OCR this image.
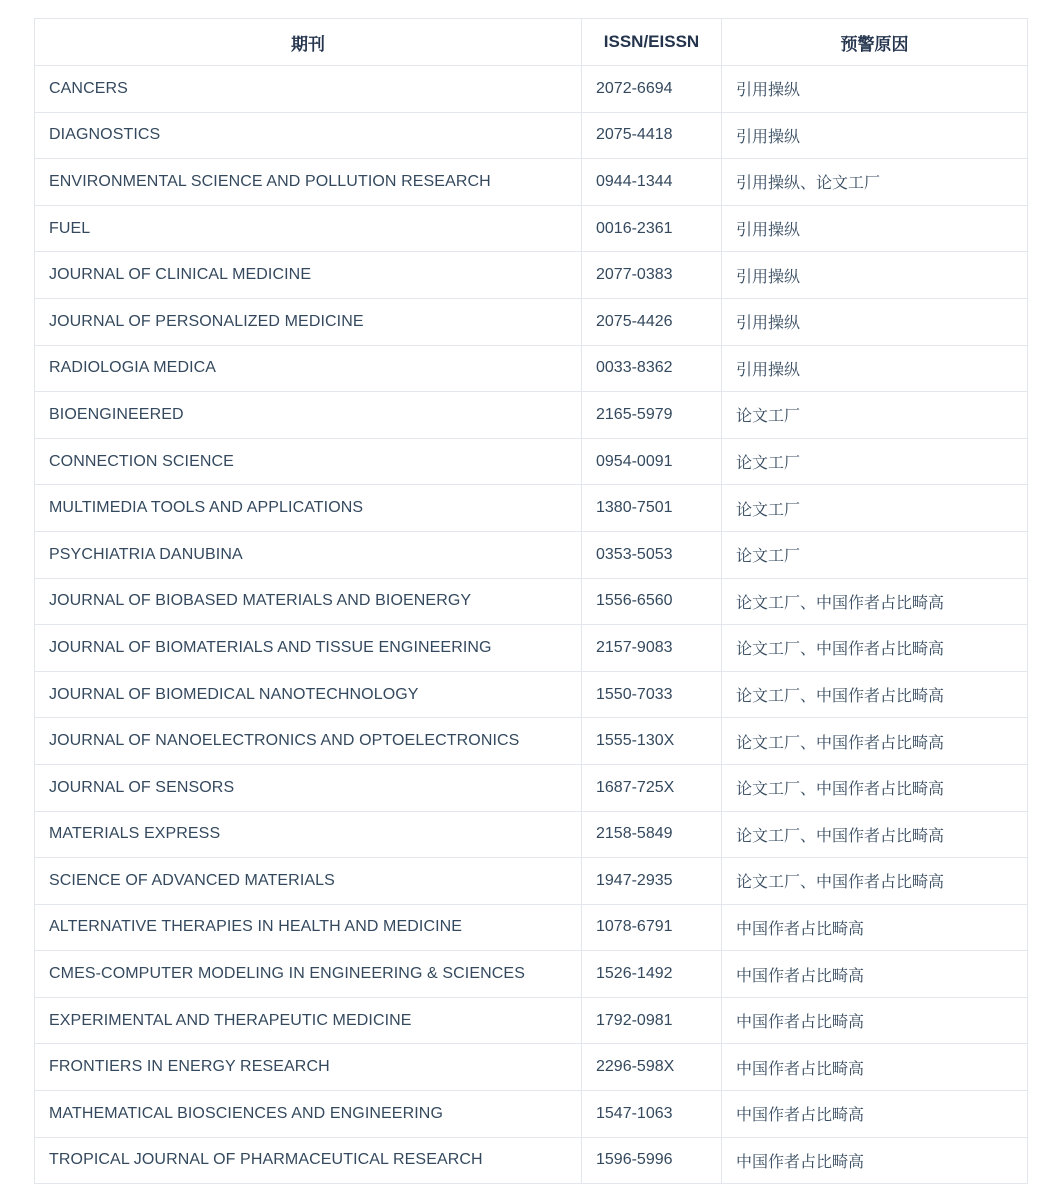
期刊	ISSN/EISSN	预警原因
CANCERS	2072-6694	引用操纵
DIAGNOSTICS	2075-4418	引用操纵
ENVIRONMENTAL SCIENCE AND POLLUTION RESEARCH	0944-1344	引用操纵、论文工厂
FUEL	0016-2361	引用操纵
JOURNAL OF CLINICAL MEDICINE	2077-0383	引用操纵
JOURNAL OF PERSONALIZED MEDICINE	2075-4426	引用操纵
RADIOLOGIA MEDICA	0033-8362	引用操纵
BIOENGINEERED	2165-5979	论文工厂
CONNECTION SCIENCE	0954-0091	论文工厂
MULTIMEDIA TOOLS AND APPLICATIONS	1380-7501	论文工厂
PSYCHIATRIA DANUBINA	0353-5053	论文工厂
JOURNAL OF BIOBASED MATERIALS AND BIOENERGY	1556-6560	论文工厂、中国作者占比畸高
JOURNAL OF BIOMATERIALS AND TISSUE ENGINEERING	2157-9083	论文工厂、中国作者占比畸高
JOURNAL OF BIOMEDICAL NANOTECHNOLOGY	1550-7033	论文工厂、中国作者占比畸高
JOURNAL OF NANOELECTRONICS AND OPTOELECTRONICS	1555-130X	论文工厂、中国作者占比畸高
JOURNAL OF SENSORS	1687-725X	论文工厂、中国作者占比畸高
MATERIALS EXPRESS	2158-5849	论文工厂、中国作者占比畸高
SCIENCE OF ADVANCED MATERIALS	1947-2935	论文工厂、中国作者占比畸高
ALTERNATIVE THERAPIES IN HEALTH AND MEDICINE	1078-6791	中国作者占比畸高
CMES-COMPUTER MODELING IN ENGINEERING & SCIENCES	1526-1492	中国作者占比畸高
EXPERIMENTAL AND THERAPEUTIC MEDICINE	1792-0981	中国作者占比畸高
FRONTIERS IN ENERGY RESEARCH	2296-598X	中国作者占比畸高
MATHEMATICAL BIOSCIENCES AND ENGINEERING	1547-1063	中国作者占比畸高
TROPICAL JOURNAL OF PHARMACEUTICAL RESEARCH	1596-5996	中国作者占比畸高
